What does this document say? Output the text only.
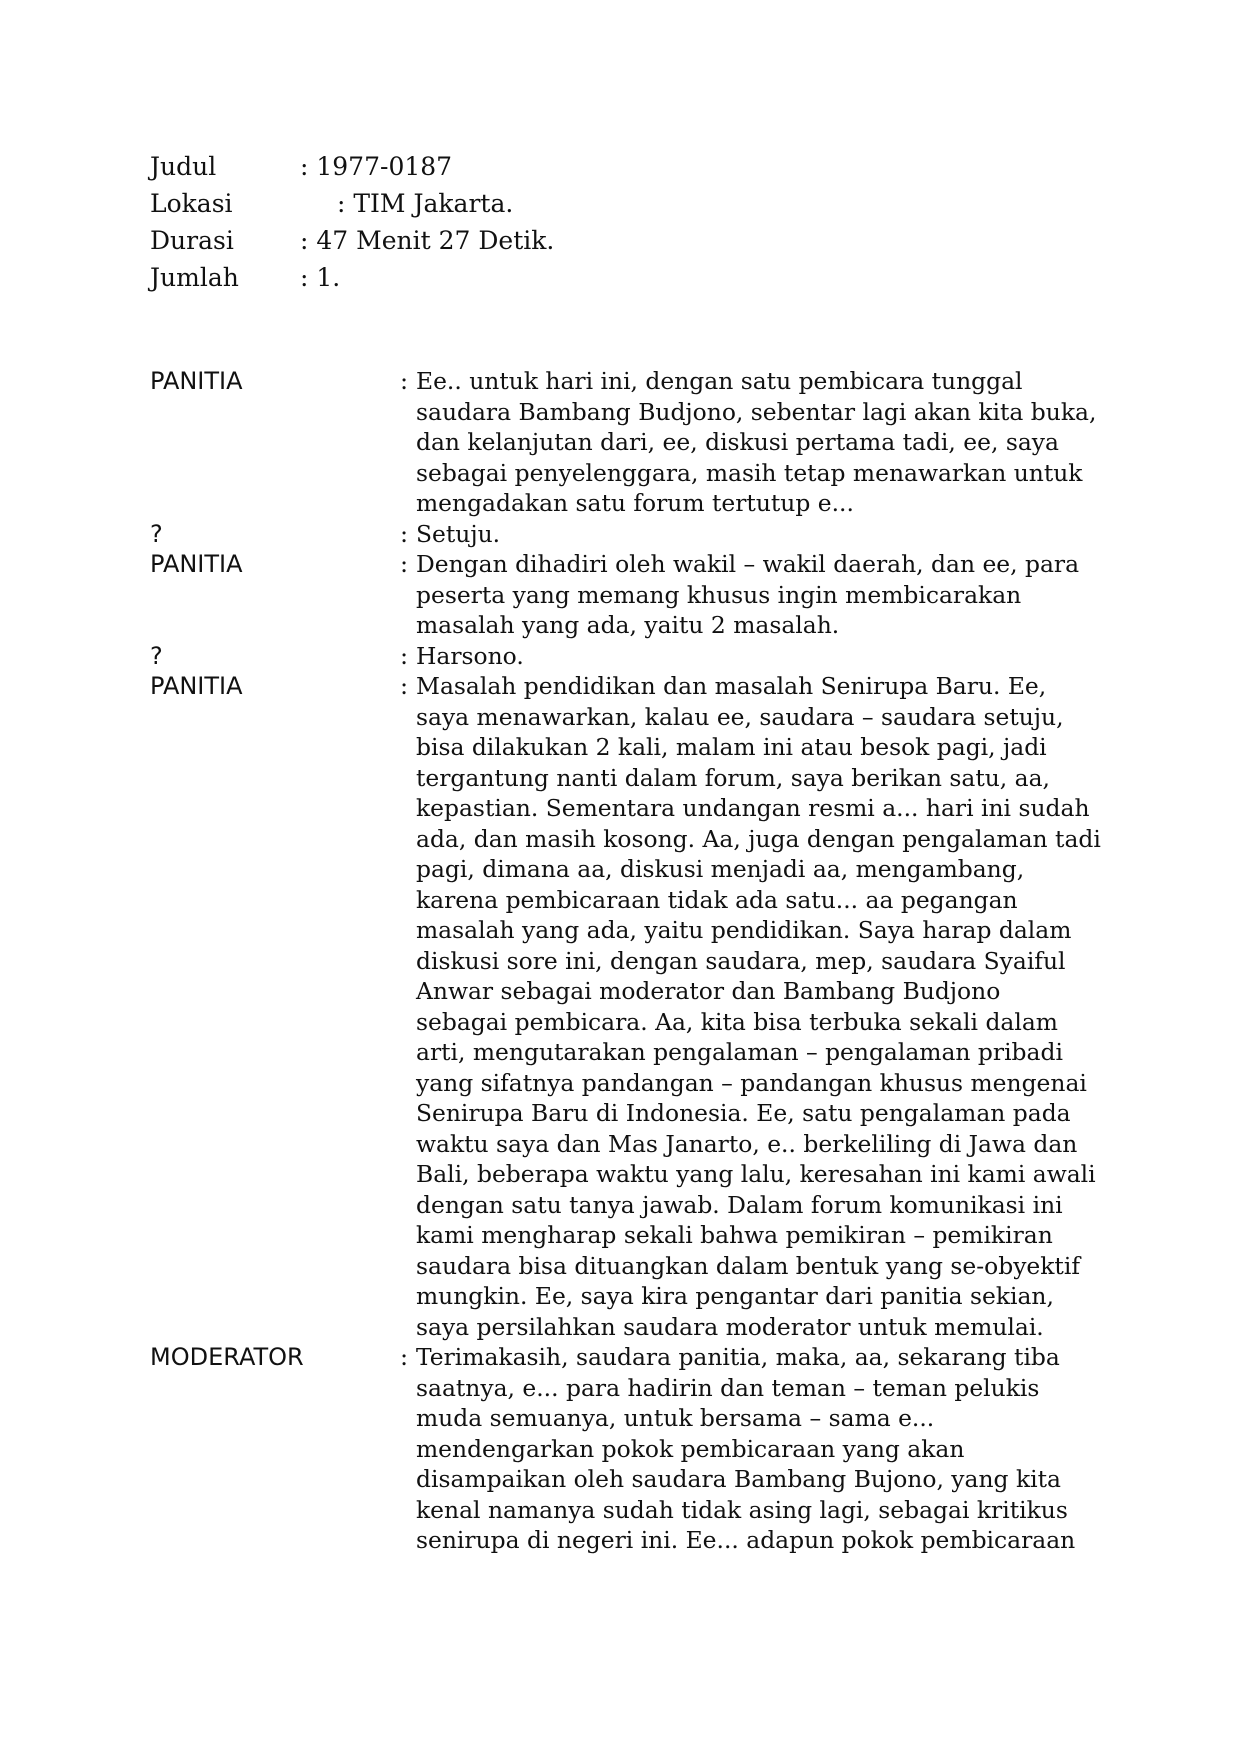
Judul	: 1977-0187
Lokasi	: TIM Jakarta.
Durasi	: 47 Menit 27 Detik.
Jumlah : 1.
PANITIA	: Ee.. untuk hari ini, dengan satu pembicara tunggal
saudara Bambang Budjono, sebentar lagi akan kita buka,
dan kelanjutan dari, ee, diskusi pertama tadi, ee, saya
sebagai penyelenggara, masih tetap menawarkan untuk
mengadakan satu forum tertutup e...
?	: Setuju.
PANITIA	: Dengan dihadiri oleh wakil – wakil daerah, dan ee, para
peserta yang memang khusus ingin membicarakan
masalah yang ada, yaitu 2 masalah.
?	: Harsono.
PANITIA	: Masalah pendidikan dan masalah Senirupa Baru. Ee,
saya menawarkan, kalau ee, saudara – saudara setuju,
bisa dilakukan 2 kali, malam ini atau besok pagi, jadi
tergantung nanti dalam forum, saya berikan satu, aa,
kepastian. Sementara undangan resmi a... hari ini sudah
ada, dan masih kosong. Aa, juga dengan pengalaman tadi
pagi, dimana aa, diskusi menjadi aa, mengambang,
karena pembicaraan tidak ada satu... aa pegangan
masalah yang ada, yaitu pendidikan. Saya harap dalam
diskusi sore ini, dengan saudara, mep, saudara Syaiful
Anwar sebagai moderator dan Bambang Budjono
sebagai pembicara. Aa, kita bisa terbuka sekali dalam
arti, mengutarakan pengalaman – pengalaman pribadi
yang sifatnya pandangan – pandangan khusus mengenai
Senirupa Baru di Indonesia. Ee, satu pengalaman pada
waktu saya dan Mas Janarto, e.. berkeliling di Jawa dan
Bali, beberapa waktu yang lalu, keresahan ini kami awali
dengan satu tanya jawab. Dalam forum komunikasi ini
kami mengharap sekali bahwa pemikiran – pemikiran
saudara bisa dituangkan dalam bentuk yang se-obyektif
mungkin. Ee, saya kira pengantar dari panitia sekian,
saya persilahkan saudara moderator untuk memulai.
MODERATOR	: Terimakasih, saudara panitia, maka, aa, sekarang tiba
saatnya, e... para hadirin dan teman – teman pelukis
muda semuanya, untuk bersama – sama e...
mendengarkan pokok pembicaraan yang akan
disampaikan oleh saudara Bambang Bujono, yang kita
kenal namanya sudah tidak asing lagi, sebagai kritikus
senirupa di negeri ini. Ee... adapun pokok pembicaraan
